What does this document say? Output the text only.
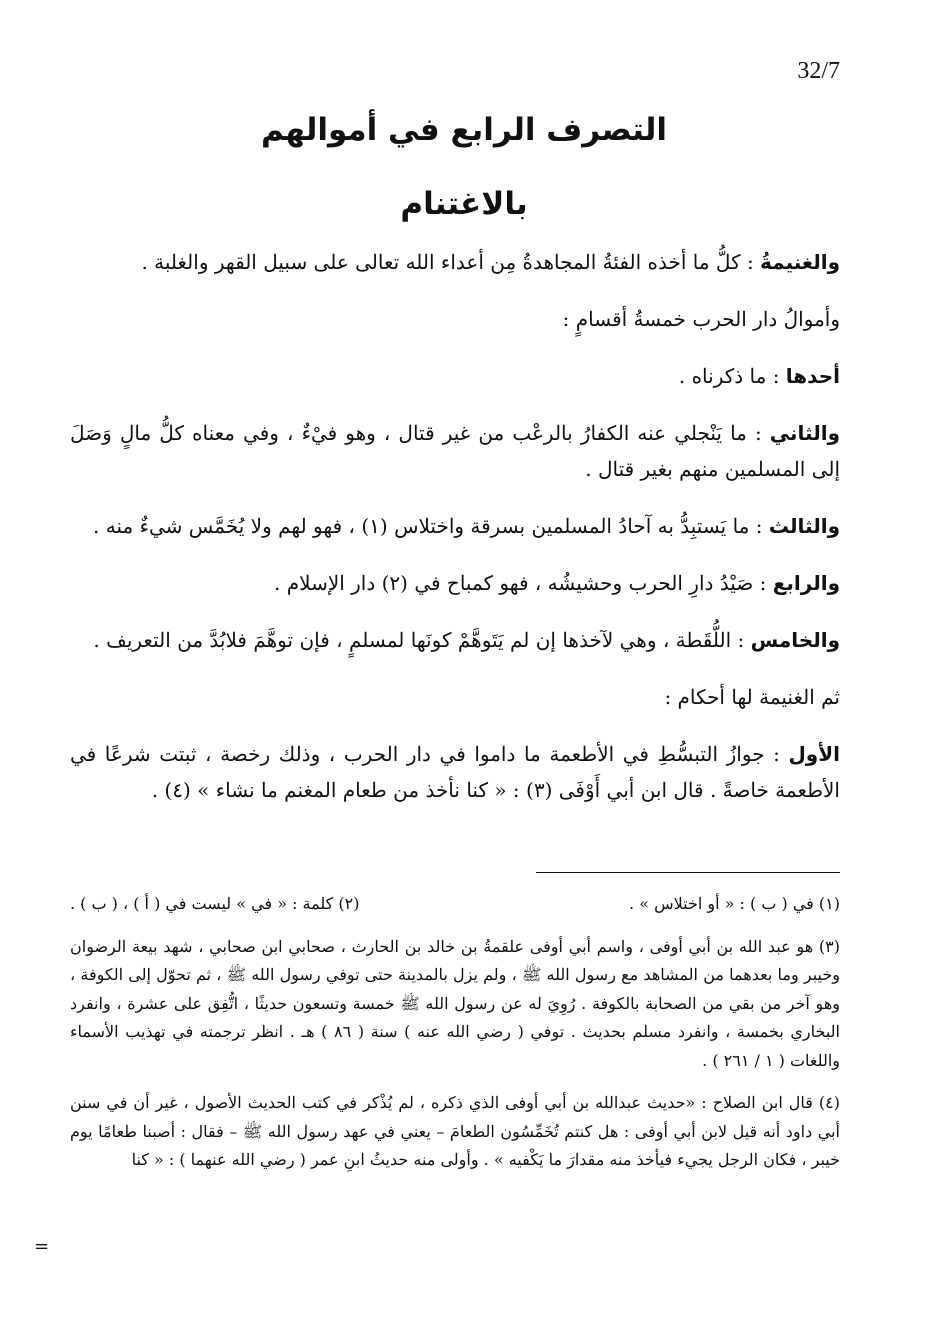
32/7
التصرف الرابع في أموالهم
بالاغتنام

والغنيمةُ : كلُّ ما أخذه الفئةُ المجاهدةُ مِن أعداء الله تعالى على سبيل القهر والغلبة .

وأموالُ دار الحرب خمسةُ أقسامٍ :

أحدها : ما ذكرناه .

والثاني : ما يَنْجلي عنه الكفارُ بالرعْب من غير قتال ، وهو فيْءٌ ، وفي معناه كلُّ مالٍ وَصَلَ إلى المسلمين منهم بغير قتال .

والثالث : ما يَستبِدُّ به آحادُ المسلمين بسرقة واختلاس (١) ، فهو لهم ولا يُخَمَّس شيءٌ منه .

والرابع : صَيْدُ دارِ الحرب وحشيشُه ، فهو كمباح في (٢) دار الإسلام .

والخامس : اللُّقَطة ، وهي لآخذها إن لم يَتَوهَّمْ كونَها لمسلمٍ ، فإن توهَّمَ فلابُدَّ من التعريف .

ثم الغنيمة لها أحكام :

الأول : جوازُ التبسُّطِ في الأطعمة ما داموا في دار الحرب ، وذلك رخصة ، ثبتت شرعًا في الأطعمة خاصةً . قال ابن أبي أَوْفَى (٣) : « كنا نأخذ من طعام المغنم ما نشاء » (٤) .

(١) في ( ب ) : « أو اختلاس » .
(٢) كلمة : « في » ليست في ( أ ) ، ( ب ) .

(٣) هو عبد الله بن أبي أوفى ، واسم أبي أوفى علقمةُ بن خالد بن الحارث ، صحابي ابن صحابي ، شهد بيعة الرضوان وخيبر وما بعدهما من المشاهد مع رسول الله ﷺ ، ولم يزل بالمدينة حتى توفي رسول الله ﷺ ، ثم تحوّل إلى الكوفة ، وهو آخر من بقي من الصحابة بالكوفة . رُوِيَ له عن رسول الله ﷺ خمسة وتسعون حديثًا ، اتُّفِق على عشرة ، وانفرد البخاري بخمسة ، وانفرد مسلم بحديث . توفي ( رضي الله عنه ) سنة ( ٨٦ ) هـ . انظر ترجمته في تهذيب الأسماء واللغات ( ١ / ٢٦١ ) .

(٤) قال ابن الصلاح : «حديث عبدالله بن أبي أوفى الذي ذكره ، لم يُذْكر في كتب الحديث الأصول ، غير أن في سنن أبي داود أنه قيل لابن أبي أوفى : هل كنتم تُخَمِّسُون الطعامَ – يعني في عهد رسول الله ﷺ – فقال : أصبنا طعامًا يوم خيبر ، فكان الرجل يجيء فيأخذ منه مقدارَ ما يَكْفيه » . وأولى منه حديثُ ابنِ عمر ( رضي الله عنهما ) : « كنا

=
